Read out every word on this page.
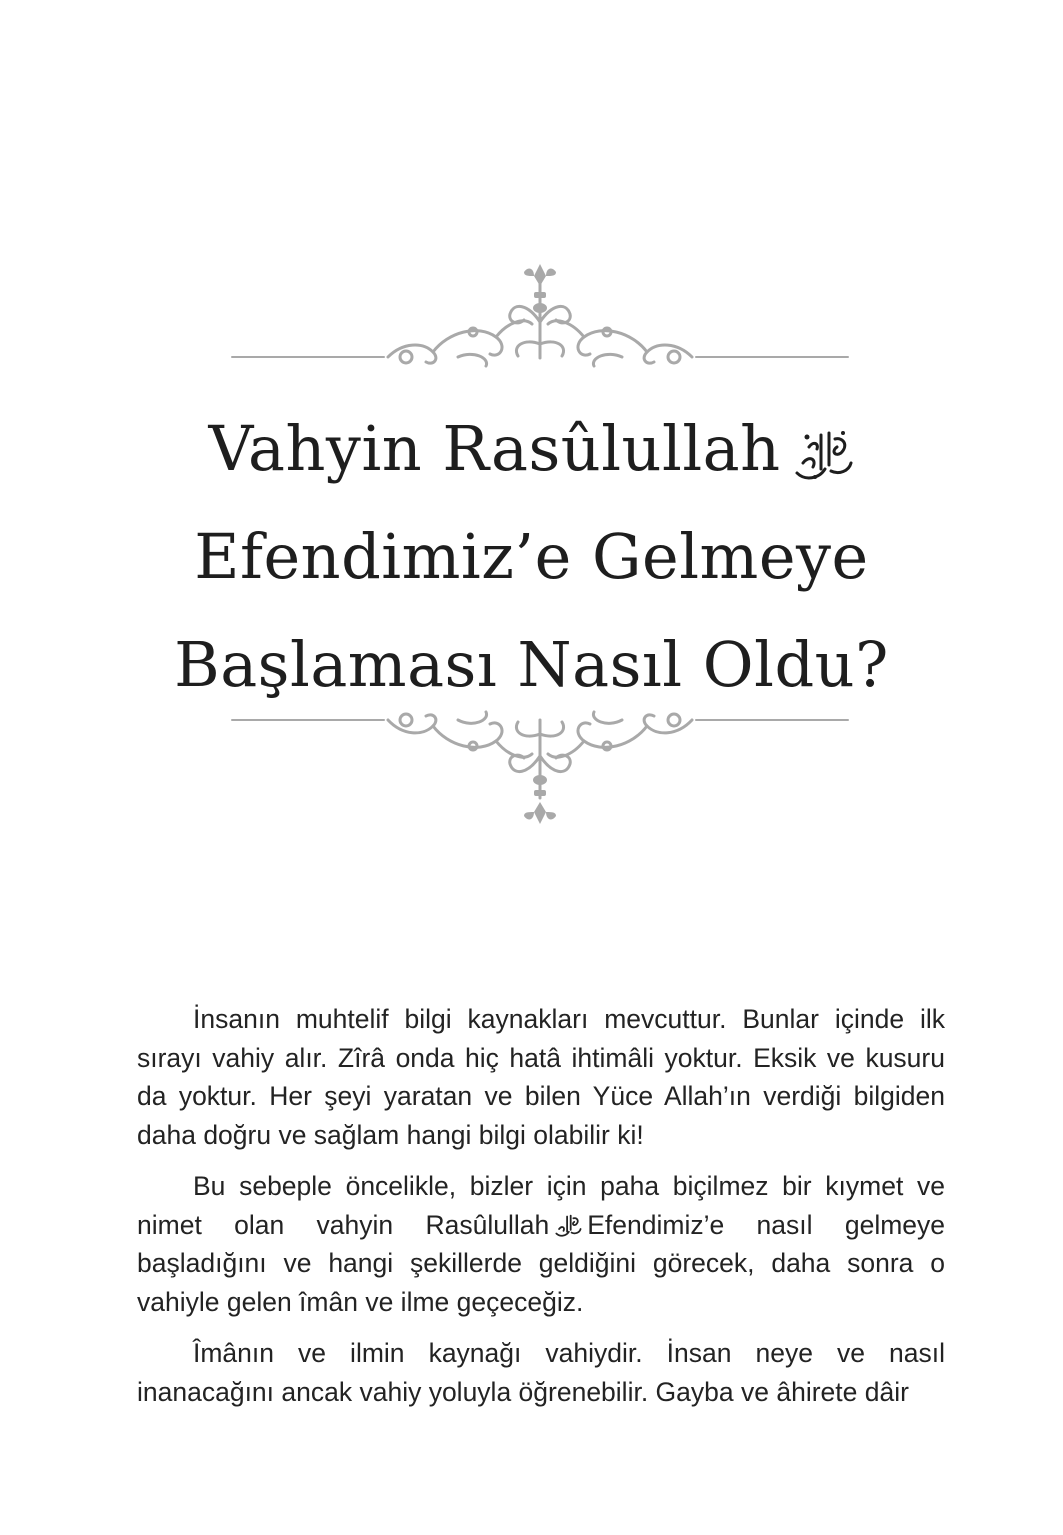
Vahyin Rasûlullah
Efendimiz’e Gelmeye
Başlaması Nasıl Oldu?

İnsanın muhtelif bilgi kaynakları mevcuttur. Bunlar içinde ilk sırayı vahiy alır. Zîrâ onda hiç hatâ ihtimâli yoktur. Eksik ve kusuru da yoktur. Her şeyi yaratan ve bilen Yüce Allah’ın verdiği bilgiden daha doğru ve sağlam hangi bilgi olabilir ki!

Bu sebeple öncelikle, bizler için paha biçilmez bir kıymet ve nimet olan vahyin Rasûlullah Efendimiz’e nasıl gelmeye başladığını ve hangi şekillerde geldiğini görecek, daha sonra o vahiyle gelen îmân ve ilme geçeceğiz.

Îmânın ve ilmin kaynağı vahiydir. İnsan neye ve nasıl inanacağını ancak vahiy yoluyla öğrenebilir. Gayba ve âhirete dâir
